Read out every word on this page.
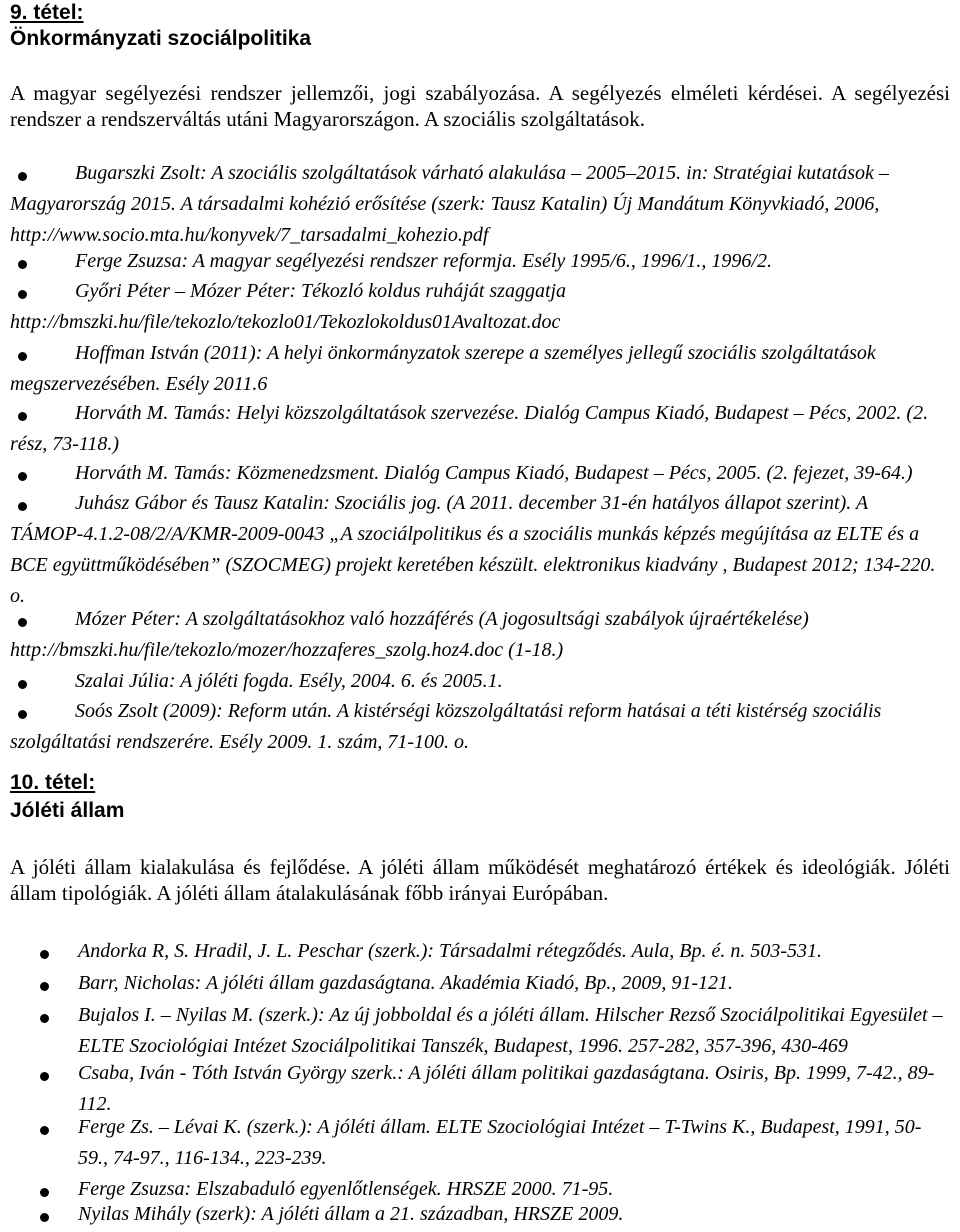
9. tétel:
Önkormányzati szociálpolitika

A magyar segélyezési rendszer jellemzői, jogi szabályozása. A segélyezés elméleti kérdései. A segélyezési rendszer a rendszerváltás utáni Magyarországon. A szociális szolgáltatások.

Bugarszki Zsolt: A szociális szolgáltatások várható alakulása – 2005–2015. in: Stratégiai kutatások – Magyarország 2015. A társadalmi kohézió erősítése (szerk: Tausz Katalin) Új Mandátum Könyvkiadó, 2006, http://www.socio.mta.hu/konyvek/7_tarsadalmi_kohezio.pdf

Ferge Zsuzsa: A magyar segélyezési rendszer reformja. Esély 1995/6., 1996/1., 1996/2.

Győri Péter – Mózer Péter: Tékozló koldus ruháját szaggatja http://bmszki.hu/file/tekozlo/tekozlo01/Tekozlokoldus01Avaltozat.doc

Hoffman István (2011): A helyi önkormányzatok szerepe a személyes jellegű szociális szolgáltatások megszervezésében. Esély 2011.6

Horváth M. Tamás: Helyi közszolgáltatások szervezése. Dialóg Campus Kiadó, Budapest – Pécs, 2002. (2. rész, 73-118.)

Horváth M. Tamás: Közmenedzsment. Dialóg Campus Kiadó, Budapest – Pécs, 2005. (2. fejezet, 39-64.)

Juhász Gábor és Tausz Katalin: Szociális jog. (A 2011. december 31-én hatályos állapot szerint). A TÁMOP-4.1.2-08/2/A/KMR-2009-0043 „A szociálpolitikus és a szociális munkás képzés megújítása az ELTE és a BCE együttműködésében” (SZOCMEG) projekt keretében készült. elektronikus kiadvány , Budapest 2012; 134-220. o.

Mózer Péter: A szolgáltatásokhoz való hozzáférés (A jogosultsági szabályok újraértékelése) http://bmszki.hu/file/tekozlo/mozer/hozzaferes_szolg.hoz4.doc (1-18.)

Szalai Júlia: A jóléti fogda. Esély, 2004. 6. és 2005.1.

Soós Zsolt (2009): Reform után. A kistérségi közszolgáltatási reform hatásai a téti kistérség szociális szolgáltatási rendszerére. Esély 2009. 1. szám, 71-100. o.

10. tétel:
Jóléti állam

A jóléti állam kialakulása és fejlődése. A jóléti állam működését meghatározó értékek és ideológiák. Jóléti állam tipológiák. A jóléti állam átalakulásának főbb irányai Európában.

Andorka R, S. Hradil, J. L. Peschar (szerk.): Társadalmi rétegződés. Aula, Bp. é. n. 503-531.

Barr, Nicholas: A jóléti állam gazdaságtana. Akadémia Kiadó, Bp., 2009, 91-121.

Bujalos I. – Nyilas M. (szerk.): Az új jobboldal és a jóléti állam. Hilscher Rezső Szociálpolitikai Egyesület – ELTE Szociológiai Intézet Szociálpolitikai Tanszék, Budapest, 1996. 257-282, 357-396, 430-469

Csaba, Iván - Tóth István György szerk.: A jóléti állam politikai gazdaságtana. Osiris, Bp. 1999, 7-42., 89-112.

Ferge Zs. – Lévai K. (szerk.): A jóléti állam. ELTE Szociológiai Intézet – T-Twins K., Budapest, 1991, 50-59., 74-97., 116-134., 223-239.

Ferge Zsuzsa: Elszabaduló egyenlőtlenségek. HRSZE 2000. 71-95.

Nyilas Mihály (szerk): A jóléti állam a 21. században, HRSZE 2009.
